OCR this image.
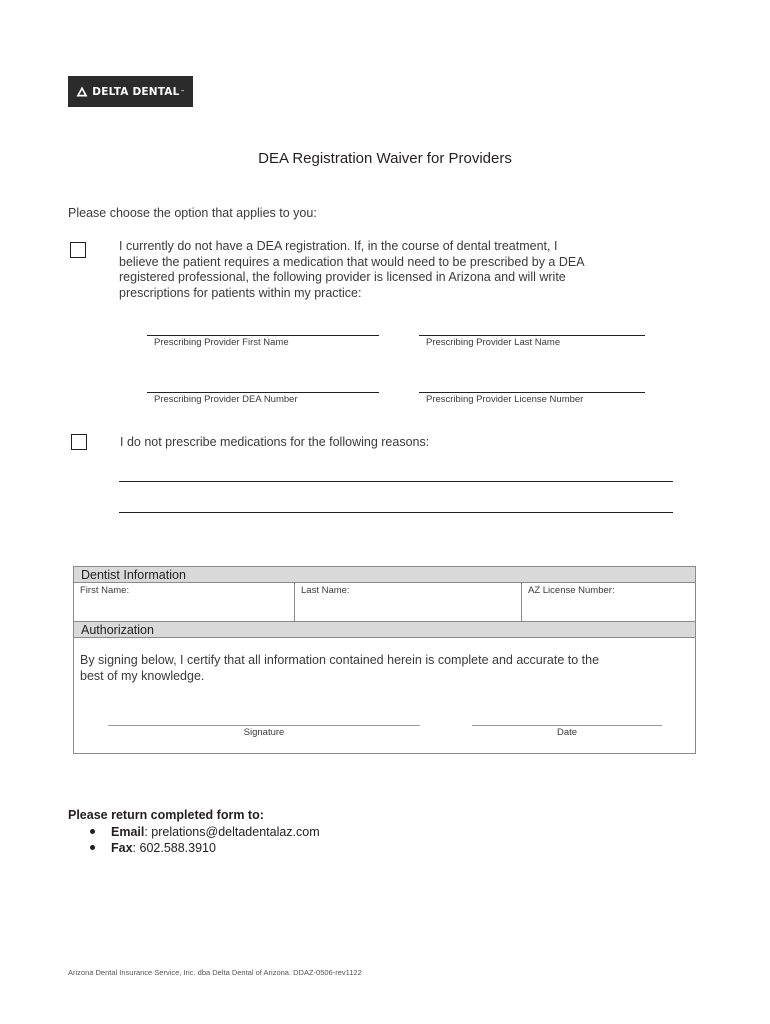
DELTA DENTAL ™
DEA Registration Waiver for Providers
Please choose the option that applies to you:
I currently do not have a DEA registration. If, in the course of dental treatment, I
believe the patient requires a medication that would need to be prescribed by a DEA
registered professional, the following provider is licensed in Arizona and will write
prescriptions for patients within my practice:
Prescribing Provider First Name	Prescribing Provider Last Name
Prescribing Provider DEA Number	Prescribing Provider License Number
I do not prescribe medications for the following reasons:
Dentist Information
First Name:	Last Name:	AZ License Number:
Authorization
By signing below, I certify that all information contained herein is complete and accurate to the
best of my knowledge.
Signature	Date
Please return completed form to:
Email: prelations@deltadentalaz.com
Fax: 602.588.3910
Arizona Dental Insurance Service, Inc. dba Delta Dental of Arizona. DDAZ-0506-rev1122
